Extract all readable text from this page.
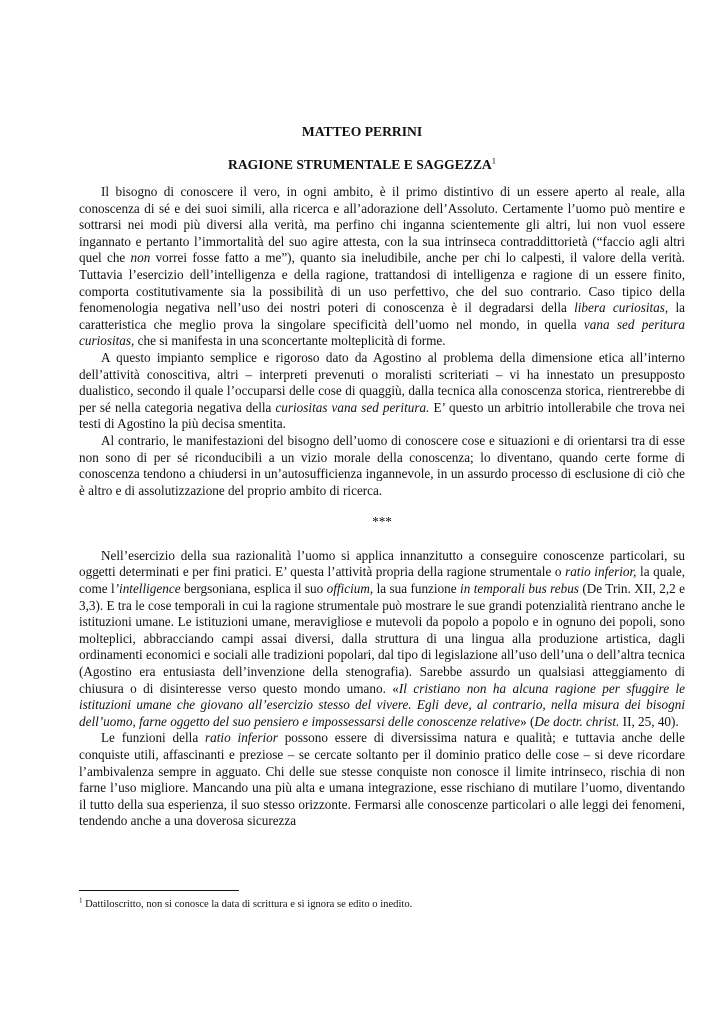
MATTEO PERRINI
RAGIONE STRUMENTALE E SAGGEZZA$^1$

Il bisogno di conoscere il vero, in ogni ambito, è il primo distintivo di un essere aperto al reale, alla conoscenza di sé e dei suoi simili, alla ricerca e all’adorazione dell’Assoluto. Certamente l’uomo può mentire e sottrarsi nei modi più diversi alla verità, ma perfino chi inganna scientemente gli altri, lui non vuol essere ingannato e pertanto l’immortalità del suo agire attesta, con la sua intrinseca contraddittorietà (“faccio agli altri quel che non vorrei fosse fatto a me”), quanto sia ineludibile, anche per chi lo calpesti, il valore della verità. Tuttavia l’esercizio dell’intelligenza e della ragione, trattandosi di intelligenza e ragione di un essere finito, comporta costitutivamente sia la possibilità di un uso perfettivo, che del suo contrario. Caso tipico della fenomenologia negativa nell’uso dei nostri poteri di conoscenza è il degradarsi della libera curiositas, la caratteristica che meglio prova la singolare specificità dell’uomo nel mondo, in quella vana sed peritura curiositas, che si manifesta in una sconcertante molteplicità di forme.

A questo impianto semplice e rigoroso dato da Agostino al problema della dimensione etica all’interno dell’attività conoscitiva, altri – interpreti prevenuti o moralisti scriteriati – vi ha innestato un presupposto dualistico, secondo il quale l’occuparsi delle cose di quaggiù, dalla tecnica alla conoscenza storica, rientrerebbe di per sé nella categoria negativa della curiositas vana sed peritura. E’ questo un arbitrio intollerabile che trova nei testi di Agostino la più decisa smentita.

Al contrario, le manifestazioni del bisogno dell’uomo di conoscere cose e situazioni e di orientarsi tra di esse non sono di per sé riconducibili a un vizio morale della conoscenza; lo diventano, quando certe forme di conoscenza tendono a chiudersi in un’autosufficienza ingannevole, in un assurdo processo di esclusione di ciò che è altro e di assolutizzazione del proprio ambito di ricerca.

***

Nell’esercizio della sua razionalità l’uomo si applica innanzitutto a conseguire conoscenze particolari, su oggetti determinati e per fini pratici. E’ questa l’attività propria della ragione strumentale o ratio inferior, la quale, come l’intelligence bergsoniana, esplica il suo officium, la sua funzione in temporali bus rebus (De Trin. XII, 2,2 e 3,3). E tra le cose temporali in cui la ragione strumentale può mostrare le sue grandi potenzialità rientrano anche le istituzioni umane. Le istituzioni umane, meravigliose e mutevoli da popolo a popolo e in ognuno dei popoli, sono molteplici, abbracciando campi assai diversi, dalla struttura di una lingua alla produzione artistica, dagli ordinamenti economici e sociali alle tradizioni popolari, dal tipo di legislazione all’uso dell’una o dell’altra tecnica (Agostino era entusiasta dell’invenzione della stenografia). Sarebbe assurdo un qualsiasi atteggiamento di chiusura o di disinteresse verso questo mondo umano. «Il cristiano non ha alcuna ragione per sfuggire le istituzioni umane che giovano all’esercizio stesso del vivere. Egli deve, al contrario, nella misura dei bisogni dell’uomo, farne oggetto del suo pensiero e impossessarsi delle conoscenze relative» (De doctr. christ. II, 25, 40).

Le funzioni della ratio inferior possono essere di diversissima natura e qualità; e tuttavia anche delle conquiste utili, affascinanti e preziose – se cercate soltanto per il dominio pratico delle cose – si deve ricordare l’ambivalenza sempre in agguato. Chi delle sue stesse conquiste non conosce il limite intrinseco, rischia di non farne l’uso migliore. Mancando una più alta e umana integrazione, esse rischiano di mutilare l’uomo, diventando il tutto della sua esperienza, il suo stesso orizzonte. Fermarsi alle conoscenze particolari o alle leggi dei fenomeni, tendendo anche a una doverosa sicurezza

$^1$ Dattiloscritto, non si conosce la data di scrittura e si ignora se edito o inedito.
